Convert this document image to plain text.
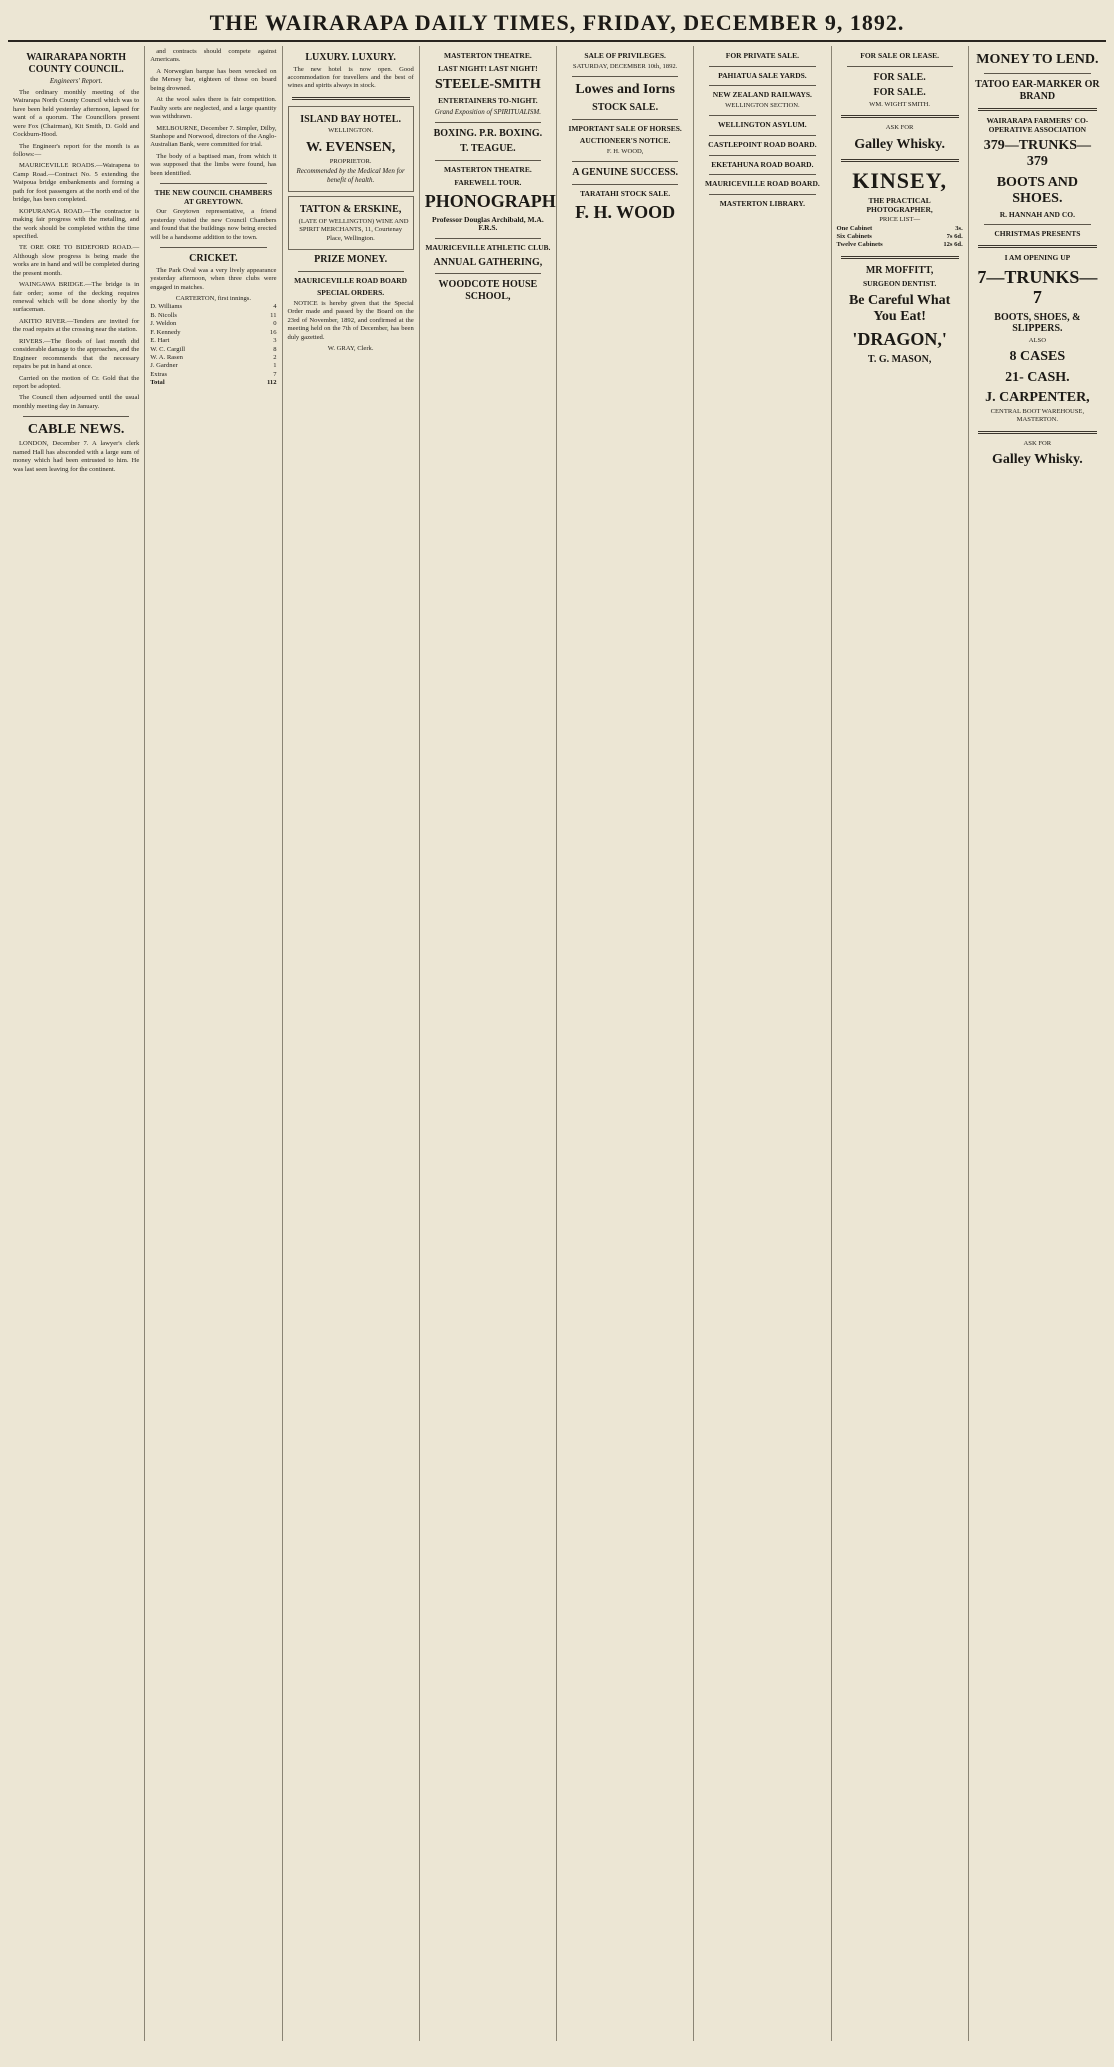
THE WAIRARAPA DAILY TIMES, FRIDAY, DECEMBER 9, 1892.
WAIRARAPA NORTH COUNTY COUNCIL.
Engineers' Report.

The ordinary monthly meeting of the Wairarapa North County Council which was to have been held yesterday afternoon, lapsed for want of a quorum. The Councillors present were Fox (Chairman), Kit Smith, D. Gold and Cockburn-Hood.

The Engineer's report for the month is as follows:—

MAURICEVILLE ROADS.—Wairapena to Camp Road.—Contract No. 5 extending the Waipoua bridge embankments and forming a path for foot passengers at the north end of the bridge, has been completed.

KOPURANGA ROAD.—The contractor is making fair progress with the metalling, and the work should be completed within the time specified.

TE ORE ORE TO BIDEFORD ROAD.—Although slow progress is being made the works are in hand and will be completed during the present month.

WAINGAWA BRIDGE.—The bridge is in fair order; some of the decking requires renewal which will be done shortly by the surfaceman.

AKITIO RIVER.—Tenders are invited for the road repairs at the crossing near the station.

RIVERS.—The floods of last month did considerable damage to the approaches, and the Engineer recommends that the necessary repairs be put in hand at once.

Carried on the motion of Cr. Gold that the report be adopted.

The Council then adjourned until the usual monthly meeting day in January.

CABLE NEWS.

LONDON, December 7. A lawyer's clerk named Hall has absconded with a large sum of money which had been entrusted to him. He was last seen leaving for the continent.

and contracts should compete against Americans.

A Norwegian barque has been wrecked on the Mersey bar, eighteen of those on board being drowned.

At the wool sales there is fair competition. Faulty sorts are neglected, and a large quantity was withdrawn.

MELBOURNE, December 7. Simpler, Dilby, Stanhope and Norwood, directors of the Anglo-Australian Bank, were committed for trial.

The body of a baptised man, from which it was supposed that the limbs were found, has been identified.

THE NEW COUNCIL CHAMBERS AT GREYTOWN.

Our Greytown representative, a friend yesterday visited the new Council Chambers and found that the buildings now being erected will be a handsome addition to the town.

CRICKET.

The Park Oval was a very lively appearance yesterday afternoon, when three clubs were engaged in matches.

CARTERTON, first innings.
D. Williams	4
B. Nicolls	11
J. Weldon	0
F. Kennedy	16
E. Hart	3
W. C. Cargill	8
W. A. Rasen	2
J. Gardner	1
Extras	7
Total	112
LUXURY. LUXURY.

The new hotel is now open. Good accommodation for travellers and the best of wines and spirits always in stock.

ISLAND BAY HOTEL.
WELLINGTON.
W. EVENSEN,
PROPRIETOR.
Recommended by the Medical Men for benefit of health.
TATTON & ERSKINE,

(LATE OF WELLINGTON) WINE AND SPIRIT MERCHANTS, 11, Courtenay Place, Wellington.

PRIZE MONEY.
MAURICEVILLE ROAD BOARD
SPECIAL ORDERS.

NOTICE is hereby given that the Special Order made and passed by the Board on the 23rd of November, 1892, and confirmed at the meeting held on the 7th of December, has been duly gazetted.

W. GRAY, Clerk.
MASTERTON THEATRE.
LAST NIGHT! LAST NIGHT!
STEELE-SMITH
ENTERTAINERS TO-NIGHT.
Grand Exposition of SPIRITUALISM.
BOXING. P.R. BOXING.
T. TEAGUE.
MASTERTON THEATRE.
FAREWELL TOUR.
PHONOGRAPH
Professor Douglas Archibald, M.A. F.R.S.
MAURICEVILLE ATHLETIC CLUB.
ANNUAL GATHERING,
WOODCOTE HOUSE SCHOOL,
SALE OF PRIVILEGES.
SATURDAY, DECEMBER 10th, 1892.
Lowes and Iorns
STOCK SALE.
IMPORTANT SALE OF HORSES.
AUCTIONEER'S NOTICE.
F. H. WOOD,
A GENUINE SUCCESS.
TARATAHI STOCK SALE.
F. H. WOOD
FOR PRIVATE SALE.
PAHIATUA SALE YARDS.
NEW ZEALAND RAILWAYS.
WELLINGTON SECTION.
WELLINGTON ASYLUM.
CASTLEPOINT ROAD BOARD.
EKETAHUNA ROAD BOARD.
MAURICEVILLE ROAD BOARD.
MASTERTON LIBRARY.
FOR SALE OR LEASE.
FOR SALE.
FOR SALE.
WM. WIGHT SMITH.
ASK FOR
Galley Whisky.
KINSEY,
THE PRACTICAL PHOTOGRAPHER,
PRICE LIST—
One Cabinet	3s.
Six Cabinets	7s 6d.
Twelve Cabinets	12s 6d.
MR MOFFITT,
SURGEON DENTIST.
Be Careful What You Eat!
'DRAGON,'
T. G. MASON,
MONEY TO LEND.
TATOO EAR-MARKER OR BRAND
WAIRARAPA FARMERS' CO-OPERATIVE ASSOCIATION
379—TRUNKS—379
BOOTS AND SHOES.
R. HANNAH AND CO.
CHRISTMAS PRESENTS
I AM OPENING UP
7—TRUNKS—7
BOOTS, SHOES, & SLIPPERS.
ALSO
8 CASES
21- CASH.
J. CARPENTER,
CENTRAL BOOT WAREHOUSE, MASTERTON.
ASK FOR
Galley Whisky.
